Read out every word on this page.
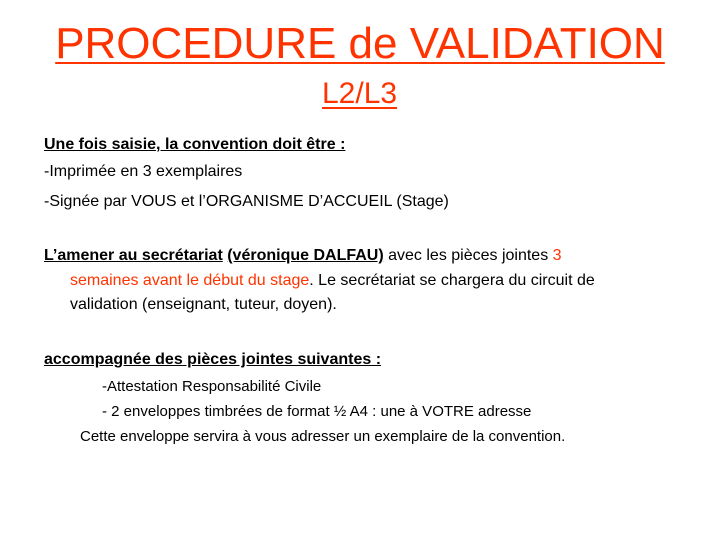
PROCEDURE de VALIDATION
L2/L3
Une fois saisie, la convention doit être :
-Imprimée en 3 exemplaires
-Signée par VOUS et l’ORGANISME D’ACCUEIL (Stage)
L’amener au secrétariat (véronique DALFAU) avec les pièces jointes 3
semaines avant le début du stage. Le secrétariat se chargera du circuit de
validation (enseignant, tuteur, doyen).
accompagnée des pièces jointes suivantes :
-Attestation Responsabilité Civile
- 2 enveloppes timbrées de format ½ A4 : une à VOTRE adresse
Cette enveloppe servira à vous adresser un exemplaire de la convention.
